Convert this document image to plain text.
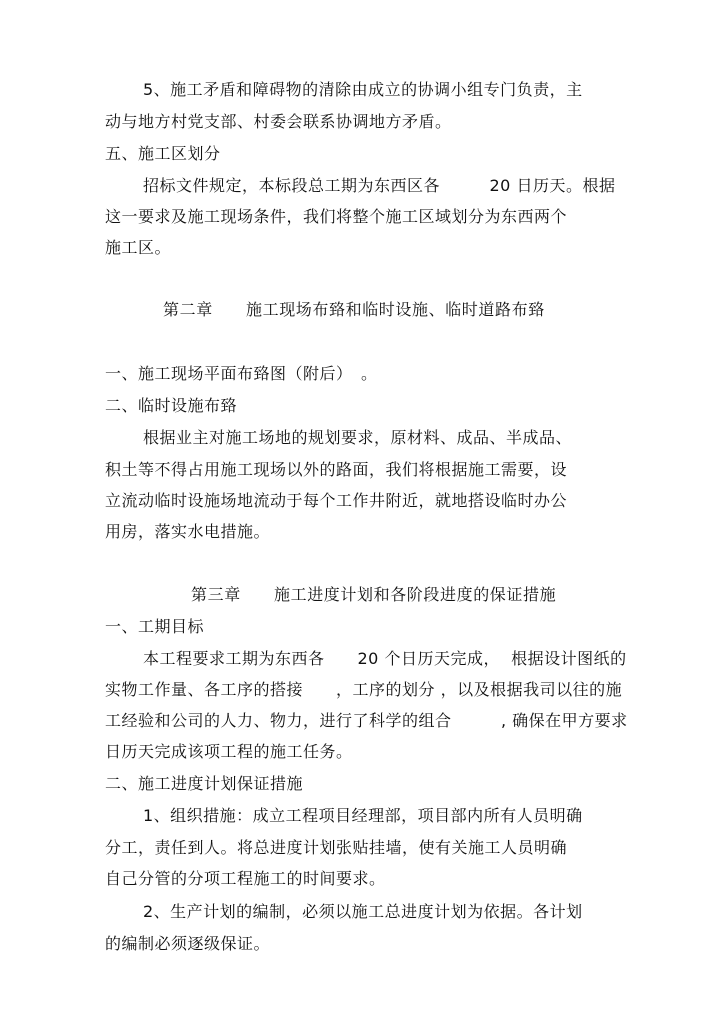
5、施工矛盾和障碍物的清除由成立的协调小组专门负责，主
动与地方村党支部、村委会联系协调地方矛盾。
五、施工区划分
招标文件规定，本标段总工期为东西区各　　　20 日历天。根据
这一要求及施工现场条件，我们将整个施工区域划分为东西两个
施工区。
第二章　　施工现场布臵和临时设施、临时道路布臵
一、施工现场平面布臵图（附后）　。
二、临时设施布臵
根据业主对施工场地的规划要求，原材料、成品、半成品、
积土等不得占用施工现场以外的路面，我们将根据施工需要，设
立流动临时设施场地流动于每个工作井附近，就地搭设临时办公
用房，落实水电措施。
第三章　　施工进度计划和各阶段进度的保证措施
一、工期目标
本工程要求工期为东西各　　20 个日历天完成，  根据设计图纸的
实物工作量、各工序的搭接　　，工序的划分 ，以及根据我司以往的施
工经验和公司的人力、物力，进行了科学的组合　　　, 确保在甲方要求
日历天完成该项工程的施工任务。
二、施工进度计划保证措施
1、组织措施：成立工程项目经理部，项目部内所有人员明确
分工，责任到人。将总进度计划张贴挂墙，使有关施工人员明确
自己分管的分项工程施工的时间要求。
2、生产计划的编制，必须以施工总进度计划为依据。各计划
的编制必须逐级保证。
